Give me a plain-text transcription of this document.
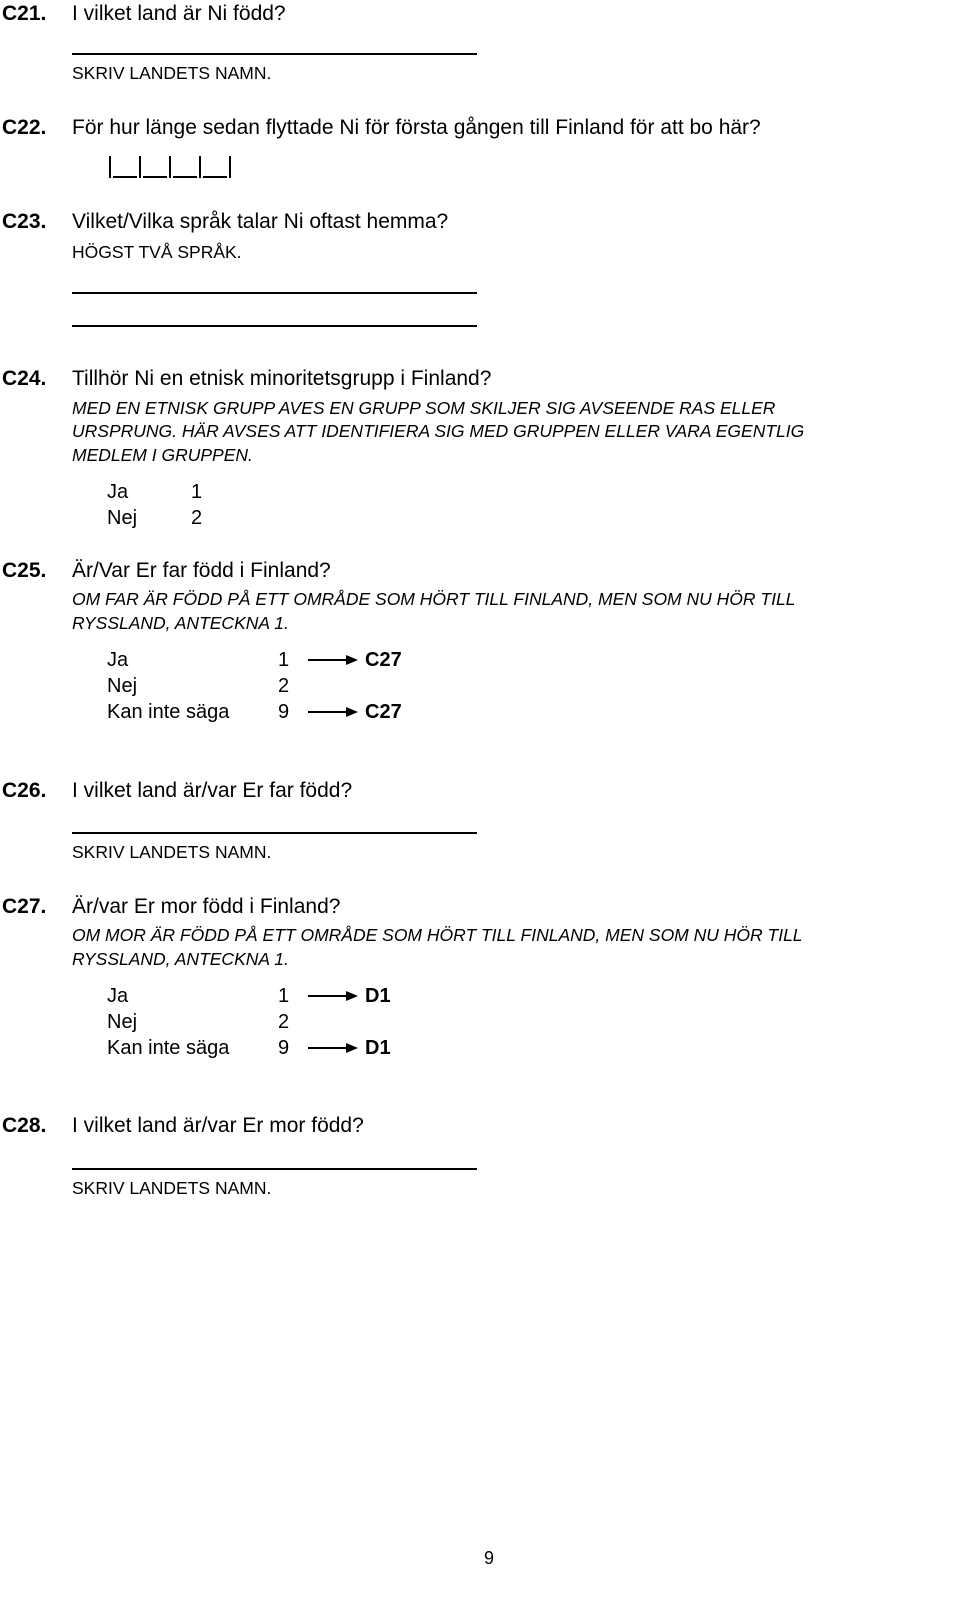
C21. I vilket land är Ni född?
SKRIV LANDETS NAMN.
C22. För hur länge sedan flyttade Ni för första gången till Finland för att bo här?
C23. Vilket/Vilka språk talar Ni oftast hemma?
HÖGST TVÅ SPRÅK.
C24. Tillhör Ni en etnisk minoritetsgrupp i Finland?
MED EN ETNISK GRUPP AVES EN GRUPP SOM SKILJER SIG AVSEENDE RAS ELLER
URSPRUNG. HÄR AVSES ATT IDENTIFIERA SIG MED GRUPPEN ELLER VARA EGENTLIG
MEDLEM I GRUPPEN.
Ja	1
Nej	2
C25. Är/Var Er far född i Finland?
OM FAR ÄR FÖDD PÅ ETT OMRÅDE SOM HÖRT TILL FINLAND, MEN SOM NU HÖR TILL
RYSSLAND, ANTECKNA 1.
Ja	1	C27
Nej	2
Kan inte säga 9	C27
C26. I vilket land är/var Er far född?
SKRIV LANDETS NAMN.
C27. Är/var Er mor född i Finland?
OM MOR ÄR FÖDD PÅ ETT OMRÅDE SOM HÖRT TILL FINLAND, MEN SOM NU HÖR TILL
RYSSLAND, ANTECKNA 1.
Ja	1	D1
Nej	2
Kan inte säga 9	D1
C28. I vilket land är/var Er mor född?
SKRIV LANDETS NAMN.
9
